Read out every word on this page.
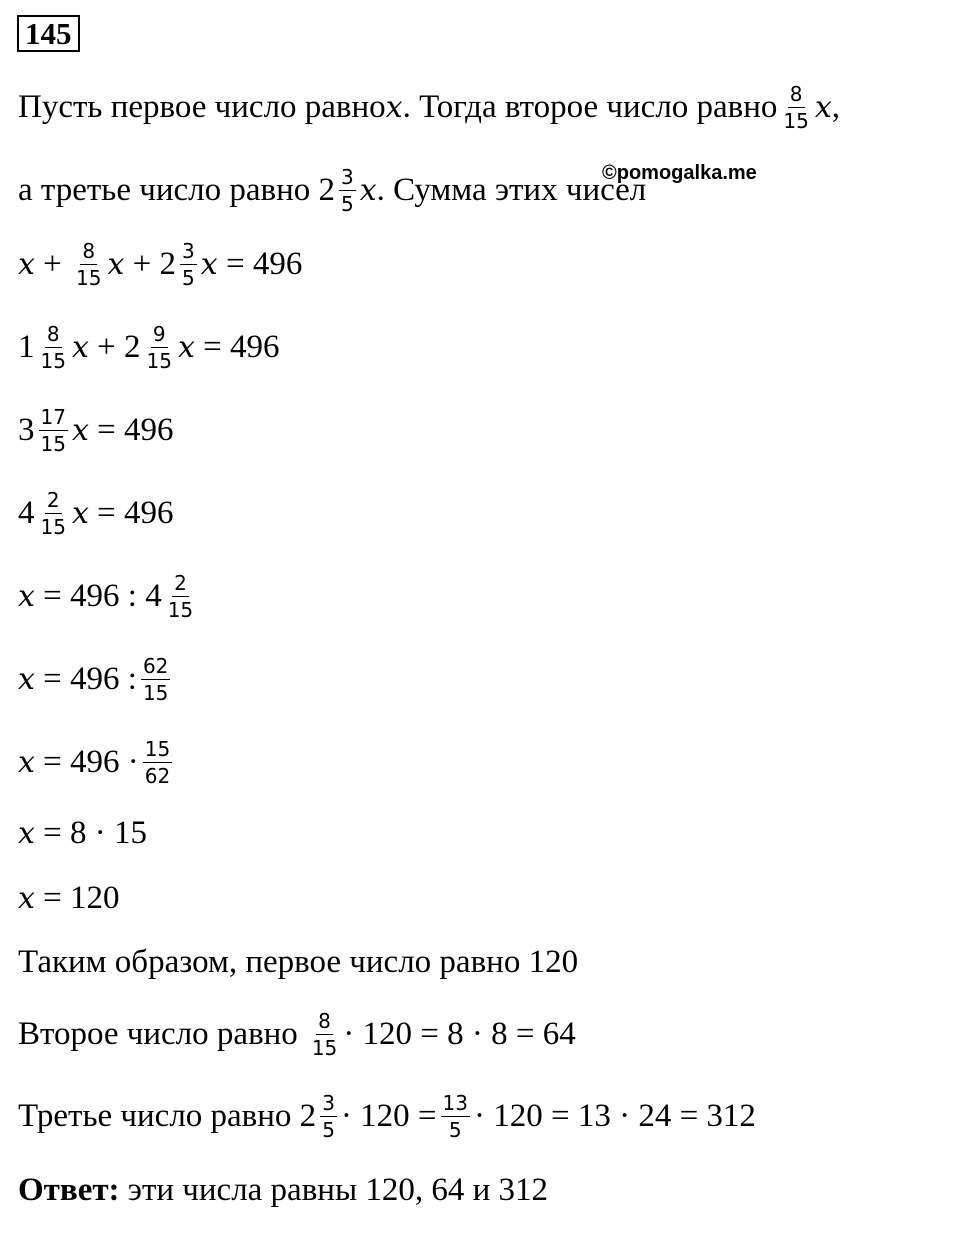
145
Пусть первое число равно x . Тогда второе число равно $\frac{8}{15}$ x ,
а третье число равно $2 \frac{3}{5}$ x . Сумма этих чисел
©pomogalka.me
$x + \frac{8}{15}$ $x + 2 \frac{3}{5}$ x = 496
$1 \frac{8}{15}$ $x + 2 \frac{9}{15}$ x = 496
$3 \frac{17}{15}$ x = 496
$4 \frac{2}{15}$ x = 496
x = 496 : $4 \frac{2}{15}$
x = 496 : $\frac{62}{15}$
$x = 496 \cdot \frac{15}{62}$
x = 8 · 15
x = 120
Таким образом, первое число равно 120
Второе число равно $\frac{8}{15} \cdot 120 = 8 \cdot 8 = 64$
Третье число равно $2 \frac{3}{5} \cdot 120 = \frac{13}{5} \cdot 120 = 13 \cdot 24 = 312$
Ответ: эти числа равны 120, 64 и 312
